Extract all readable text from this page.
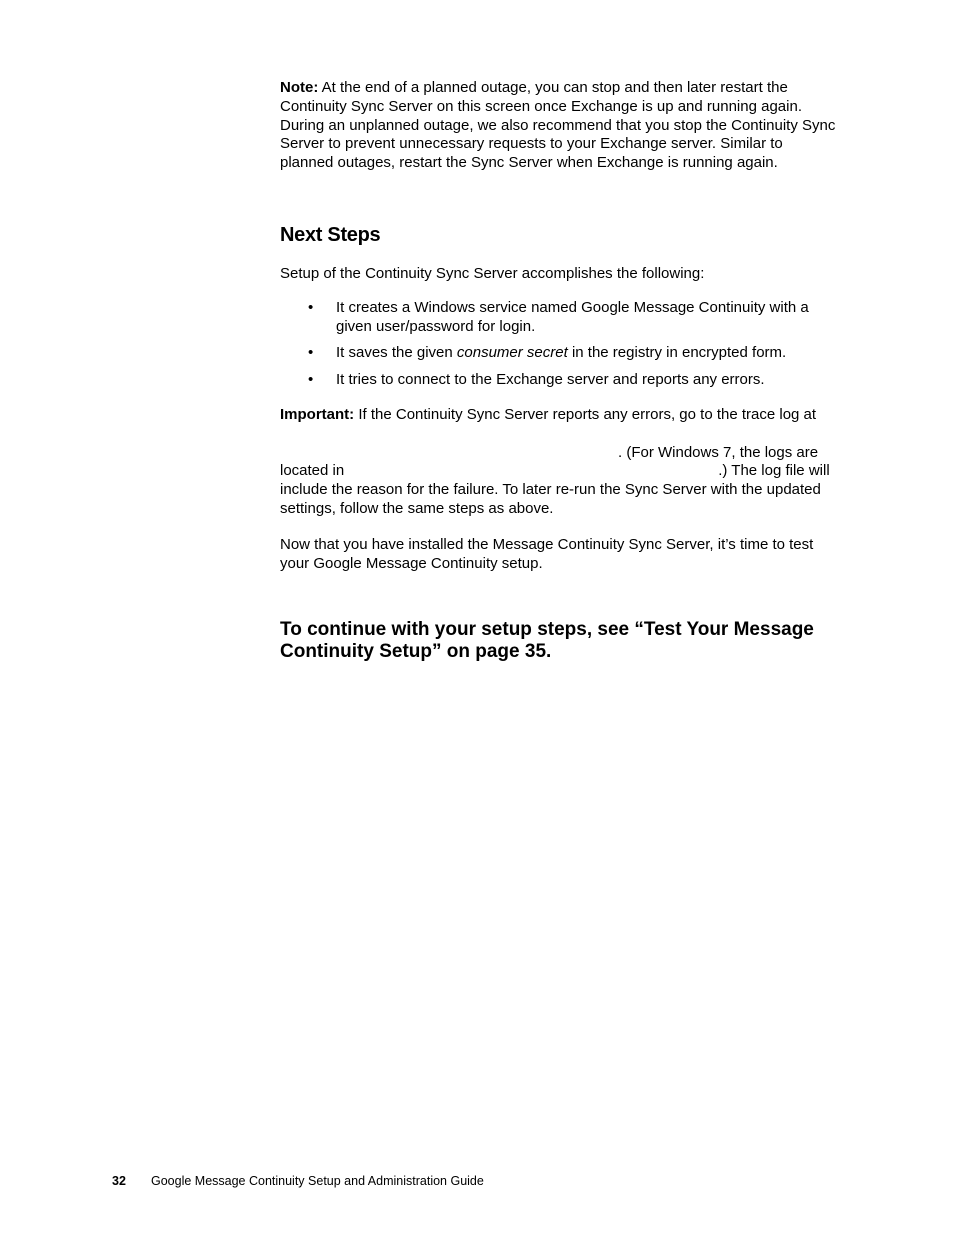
Note: At the end of a planned outage, you can stop and then later restart the Continuity Sync Server on this screen once Exchange is up and running again. During an unplanned outage, we also recommend that you stop the Continuity Sync Server to prevent unnecessary requests to your Exchange server. Similar to planned outages, restart the Sync Server when Exchange is running again.

Next Steps

Setup of the Continuity Sync Server accomplishes the following:

• It creates a Windows service named Google Message Continuity with a given user/password for login.
• It saves the given consumer secret in the registry in encrypted form.
• It tries to connect to the Exchange server and reports any errors.

Important: If the Continuity Sync Server reports any errors, go to the trace log at
. (For Windows 7, the logs are
located in	.) The log file will
include the reason for the failure. To later re-run the Sync Server with the updated settings, follow the same steps as above.

Now that you have installed the Message Continuity Sync Server, it’s time to test your Google Message Continuity setup.

To continue with your setup steps, see “Test Your Message Continuity Setup” on page 35.

32 Google Message Continuity Setup and Administration Guide
